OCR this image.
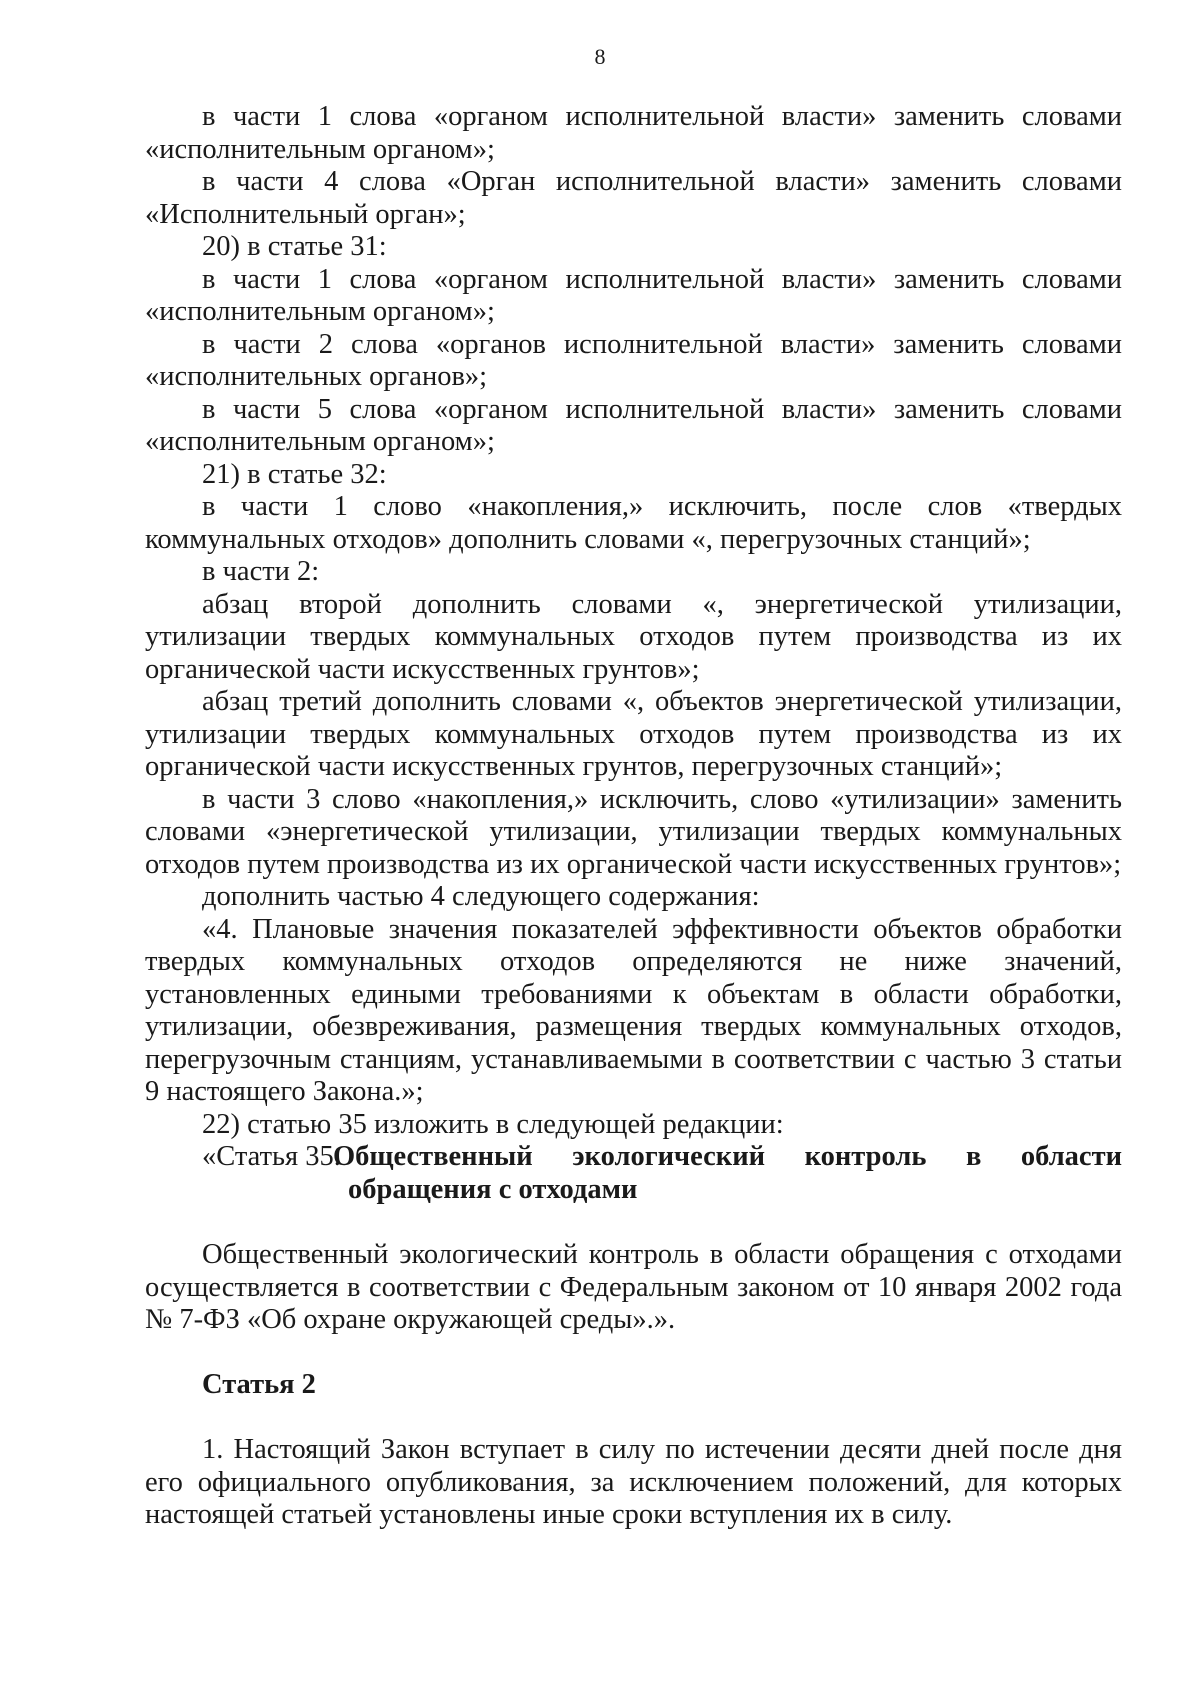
8

в части 1 слова «органом исполнительной власти» заменить словами «исполнительным органом»;

в части 4 слова «Орган исполнительной власти» заменить словами «Исполнительный орган»;

20) в статье 31:

в части 1 слова «органом исполнительной власти» заменить словами «исполнительным органом»;

в части 2 слова «органов исполнительной власти» заменить словами «исполнительных органов»;

в части 5 слова «органом исполнительной власти» заменить словами «исполнительным органом»;

21) в статье 32:

в части 1 слово «накопления,» исключить, после слов «твердых коммунальных отходов» дополнить словами «, перегрузочных станций»;

в части 2:

абзац второй дополнить словами «, энергетической утилизации, утилизации твердых коммунальных отходов путем производства из их органической части искусственных грунтов»;

абзац третий дополнить словами «, объектов энергетической утилизации, утилизации твердых коммунальных отходов путем производства из их органической части искусственных грунтов, перегрузочных станций»;

в части 3 слово «накопления,» исключить, слово «утилизации» заменить словами «энергетической утилизации, утилизации твердых коммунальных отходов путем производства из их органической части искусственных грунтов»;

дополнить частью 4 следующего содержания:

«4. Плановые значения показателей эффективности объектов обработки твердых коммунальных отходов определяются не ниже значений, установленных едиными требованиями к объектам в области обработки, утилизации, обезвреживания, размещения твердых коммунальных отходов, перегрузочным станциям, устанавливаемыми в соответствии с частью 3 статьи 9 настоящего Закона.»;

22) статью 35 изложить в следующей редакции:

«Статья 35.
Общественный экологический контроль в области
обращения с отходами

Общественный экологический контроль в области обращения с отходами осуществляется в соответствии с Федеральным законом от 10 января 2002 года № 7-ФЗ «Об охране окружающей среды».».

Статья 2

1. Настоящий Закон вступает в силу по истечении десяти дней после дня его официального опубликования, за исключением положений, для которых настоящей статьей установлены иные сроки вступления их в силу.
